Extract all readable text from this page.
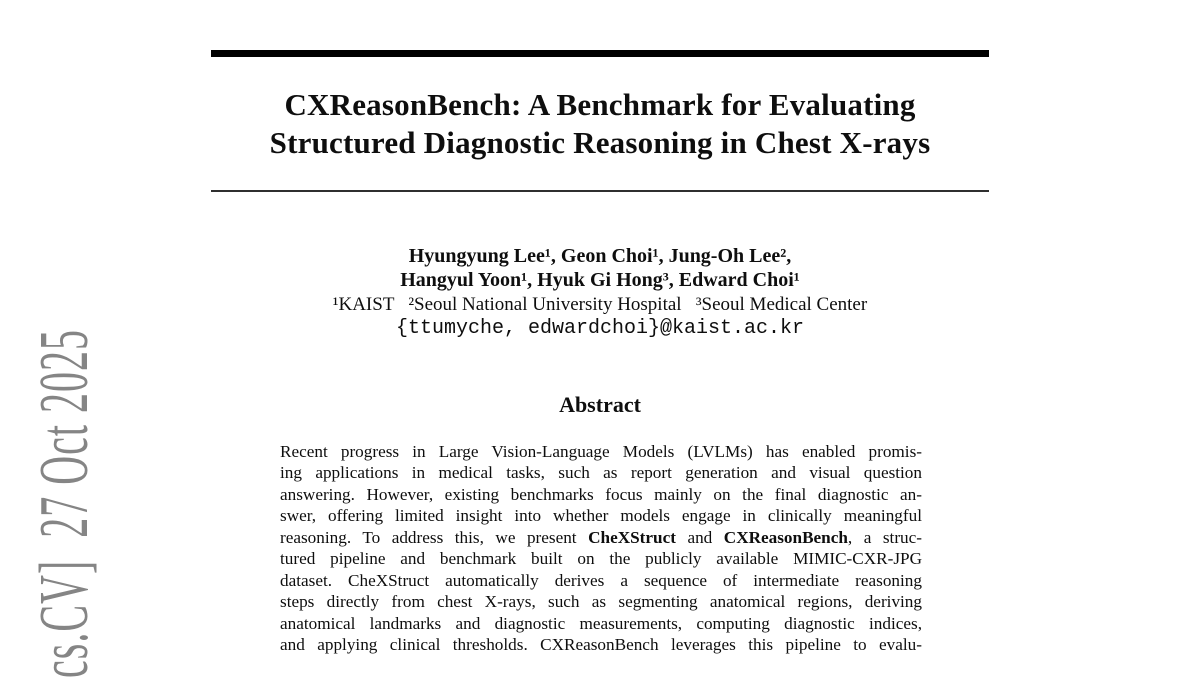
cs.CV]  27 Oct 2025
CXReasonBench: A Benchmark for Evaluating
Structured Diagnostic Reasoning in Chest X-rays
Hyungyung Lee¹, Geon Choi¹, Jung-Oh Lee²,
Hangyul Yoon¹, Hyuk Gi Hong³, Edward Choi¹
¹KAIST   ²Seoul National University Hospital   ³Seoul Medical Center
{ttumyche, edwardchoi}@kaist.ac.kr
Abstract
Recent progress in Large Vision-Language Models (LVLMs) has enabled promis-
ing applications in medical tasks, such as report generation and visual question
answering. However, existing benchmarks focus mainly on the final diagnostic an-
swer, offering limited insight into whether models engage in clinically meaningful
reasoning. To address this, we present CheXStruct and CXReasonBench, a struc-
tured pipeline and benchmark built on the publicly available MIMIC-CXR-JPG
dataset. CheXStruct automatically derives a sequence of intermediate reasoning
steps directly from chest X-rays, such as segmenting anatomical regions, deriving
anatomical landmarks and diagnostic measurements, computing diagnostic indices,
and applying clinical thresholds. CXReasonBench leverages this pipeline to evalu-
